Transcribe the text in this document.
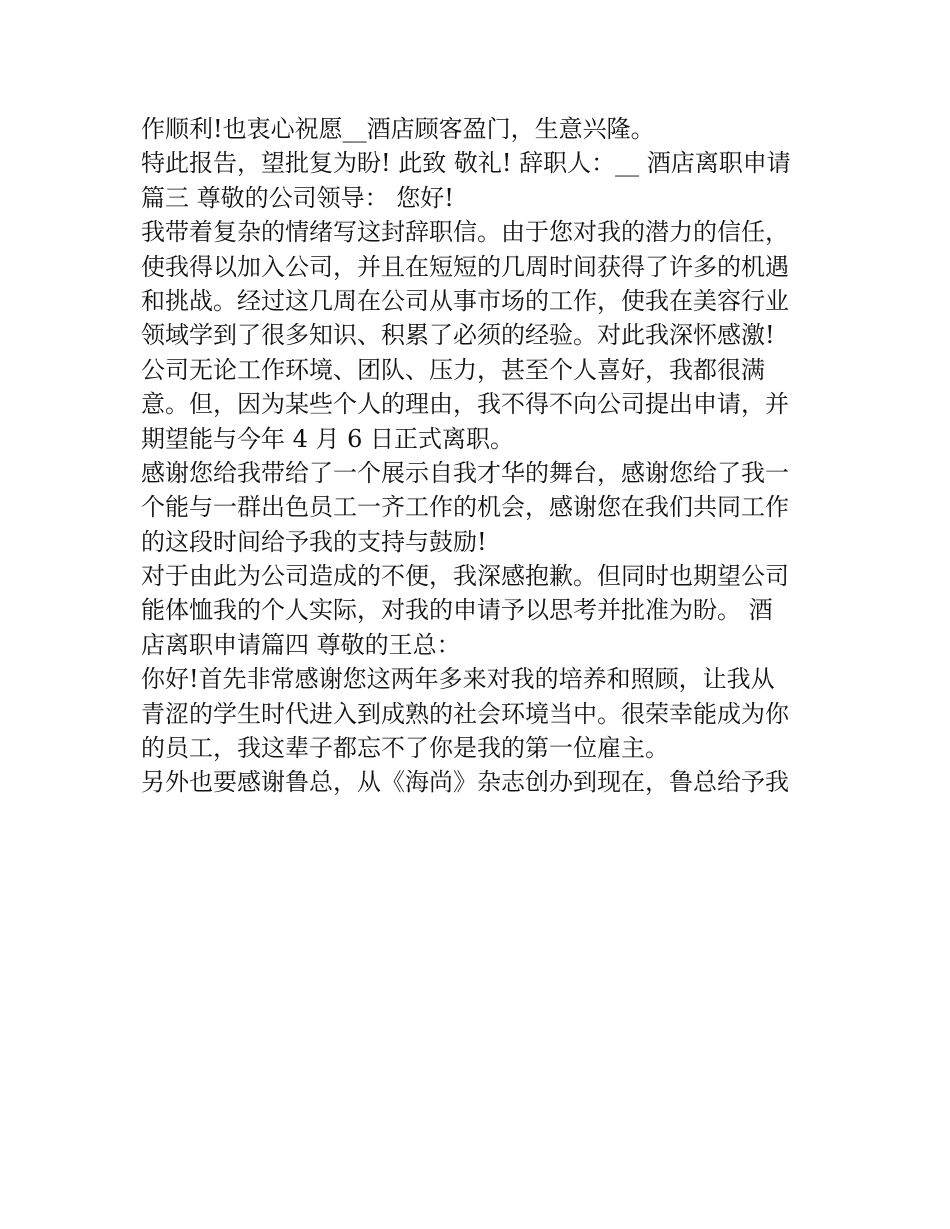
作顺利!也衷心祝愿__酒店顾客盈门，生意兴隆。

特此报告，望批复为盼! 此致 敬礼! 辞职人：__ 酒店离职申请

篇三 尊敬的公司领导： 您好!

我带着复杂的情绪写这封辞职信。由于您对我的潜力的信任，

使我得以加入公司，并且在短短的几周时间获得了许多的机遇

和挑战。经过这几周在公司从事市场的工作，使我在美容行业

领域学到了很多知识、积累了必须的经验。对此我深怀感激!

公司无论工作环境、团队、压力，甚至个人喜好，我都很满

意。但，因为某些个人的理由，我不得不向公司提出申请，并

期望能与今年 4 月 6 日正式离职。

感谢您给我带给了一个展示自我才华的舞台，感谢您给了我一

个能与一群出色员工一齐工作的机会，感谢您在我们共同工作

的这段时间给予我的支持与鼓励!

对于由此为公司造成的不便，我深感抱歉。但同时也期望公司

能体恤我的个人实际，对我的申请予以思考并批准为盼。 酒

店离职申请篇四 尊敬的王总：

你好!首先非常感谢您这两年多来对我的培养和照顾，让我从

青涩的学生时代进入到成熟的社会环境当中。很荣幸能成为你

的员工，我这辈子都忘不了你是我的第一位雇主。

另外也要感谢鲁总，从《海尚》杂志创办到现在，鲁总给予我
